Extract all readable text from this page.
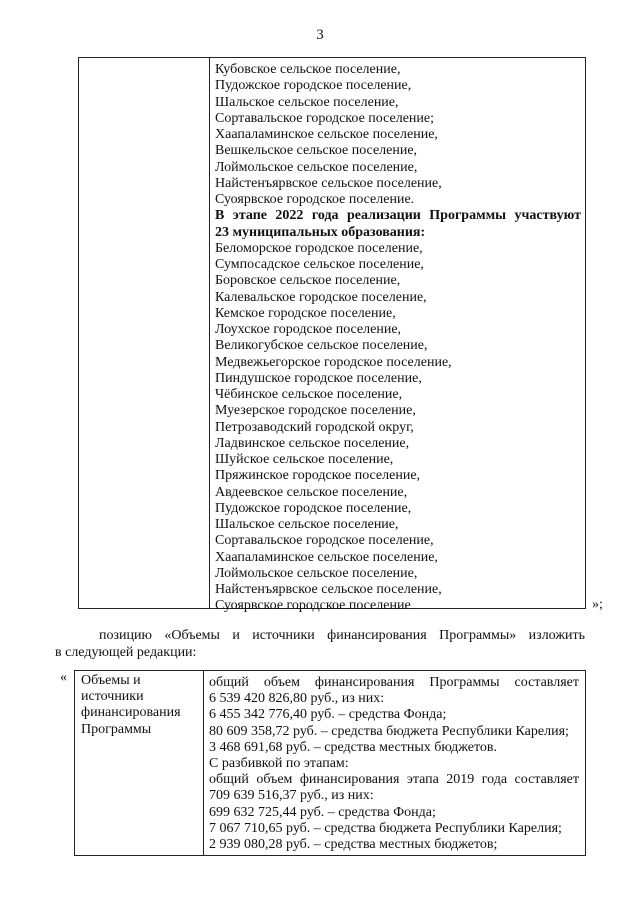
3
Кубовское сельское поселение,
Пудожское городское поселение,
Шальское сельское поселение,
Сортавальское городское поселение;
Хаапаламинское сельское поселение,
Вешкельское сельское поселение,
Лоймольское сельское поселение,
Найстенъярвское сельское поселение,
Суоярвское городское поселение.
В этапе 2022 года реализации Программы участвуют
23 муниципальных образования:
Беломорское городское поселение,
Сумпосадское сельское поселение,
Боровское сельское поселение,
Калевальское городское поселение,
Кемское городское поселение,
Лоухское городское поселение,
Великогубское сельское поселение,
Медвежьегорское городское поселение,
Пиндушское городское поселение,
Чёбинское сельское поселение,
Муезерское городское поселение,
Петрозаводский городской округ,
Ладвинское сельское поселение,
Шуйское сельское поселение,
Пряжинское городское поселение,
Авдеевское сельское поселение,
Пудожское городское поселение,
Шальское сельское поселение,
Сортавальское городское поселение,
Хаапаламинское сельское поселение,
Лоймольское сельское поселение,
Найстенъярвское сельское поселение,
Суоярвское городское поселение	»;
позицию «Объемы и источники финансирования Программы» изложить
в следующей редакции:
« Объемы и
источники
финансирования
Программы
общий объем финансирования Программы составляет
6 539 420 826,80 руб., из них:
6 455 342 776,40 руб. – средства Фонда;
80 609 358,72 руб. – средства бюджета Республики Карелия;
3 468 691,68 руб. – средства местных бюджетов.
С разбивкой по этапам:
общий объем финансирования этапа 2019 года составляет
709 639 516,37 руб., из них:
699 632 725,44 руб. – средства Фонда;
7 067 710,65 руб. – средства бюджета Республики Карелия;
2 939 080,28 руб. – средства местных бюджетов;
